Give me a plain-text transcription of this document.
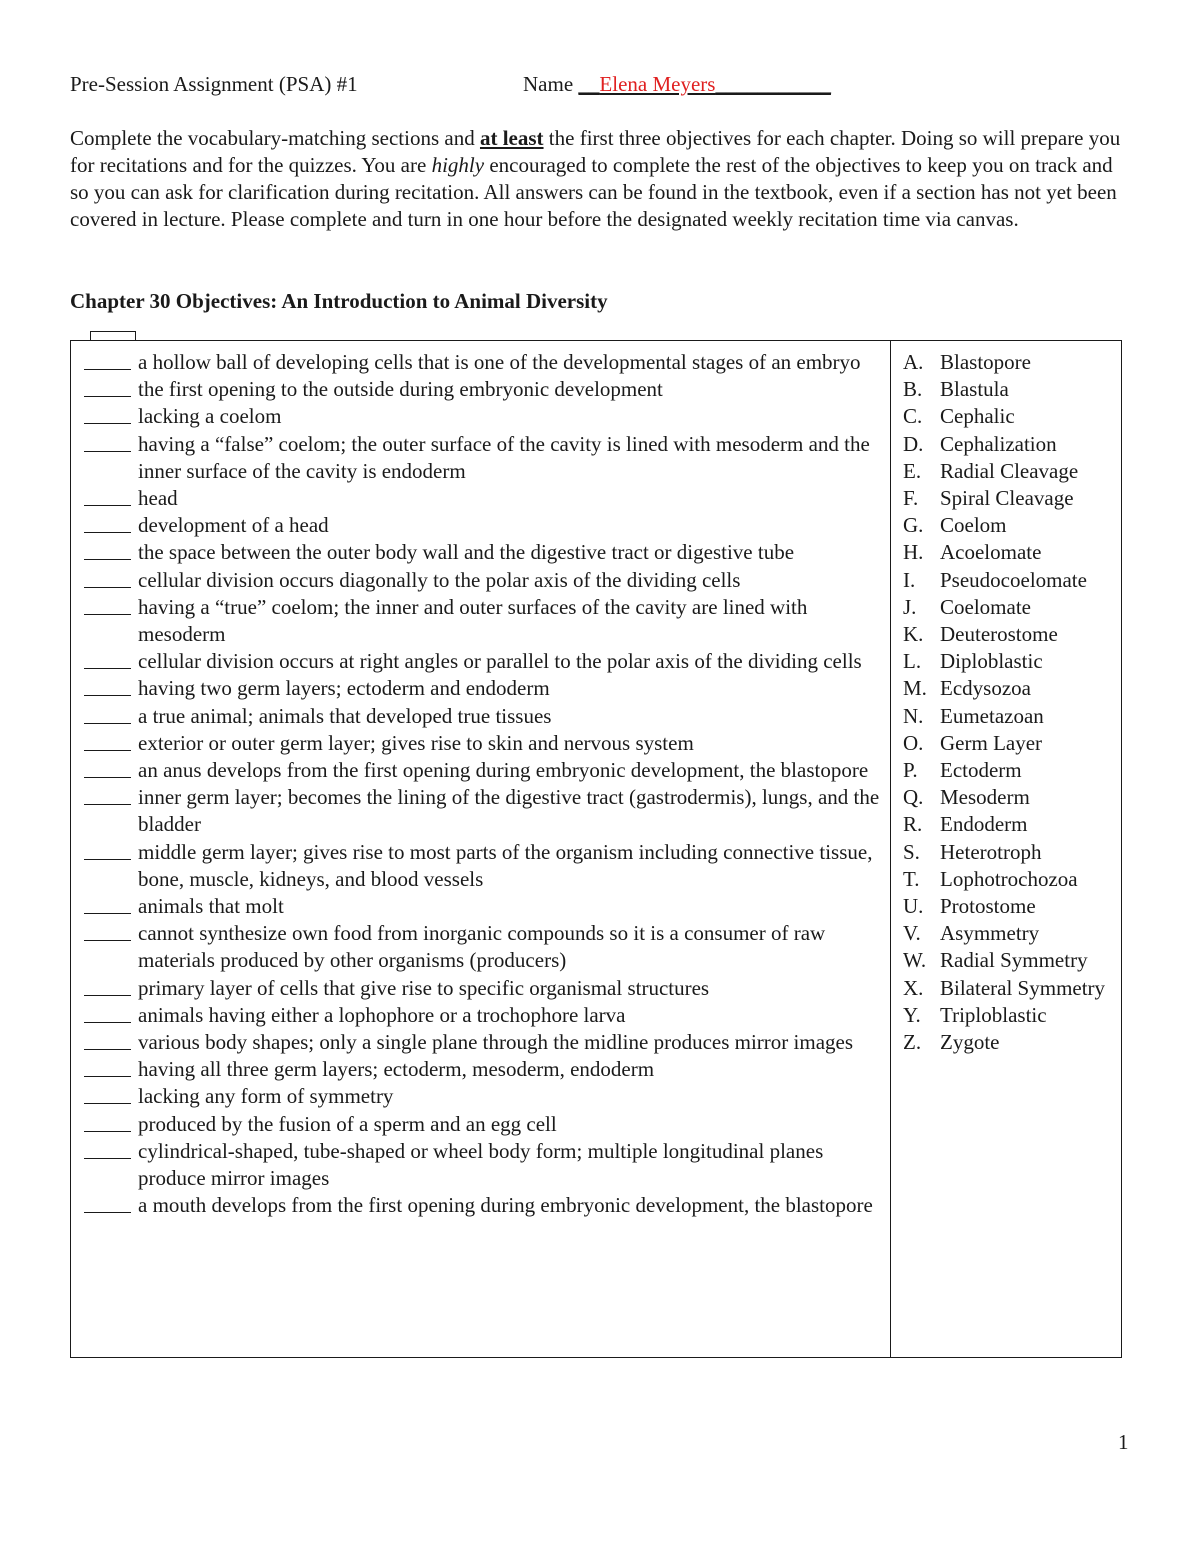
Pre-Session Assignment (PSA) #1	Name __Elena Meyers___________
Complete the vocabulary-matching sections and at least the first three objectives for each chapter. Doing so will prepare you for recitations and for the quizzes. You are highly encouraged to complete the rest of the objectives to keep you on track and so you can ask for clarification during recitation. All answers can be found in the textbook, even if a section has not yet been covered in lecture. Please complete and turn in one hour before the designated weekly recitation time via canvas.
Chapter 30 Objectives: An Introduction to Animal Diversity
a hollow ball of developing cells that is one of the developmental stages of an embryo
the first opening to the outside during embryonic development
lacking a coelom
having a “false” coelom; the outer surface of the cavity is lined with mesoderm and the inner surface of the cavity is endoderm
head
development of a head
the space between the outer body wall and the digestive tract or digestive tube
cellular division occurs diagonally to the polar axis of the dividing cells
having a “true” coelom; the inner and outer surfaces of the cavity are lined with mesoderm
cellular division occurs at right angles or parallel to the polar axis of the dividing cells
having two germ layers; ectoderm and endoderm
a true animal; animals that developed true tissues
exterior or outer germ layer; gives rise to skin and nervous system
an anus develops from the first opening during embryonic development, the blastopore
inner germ layer; becomes the lining of the digestive tract (gastrodermis), lungs, and the bladder
middle germ layer; gives rise to most parts of the organism including connective tissue, bone, muscle, kidneys, and blood vessels
animals that molt
cannot synthesize own food from inorganic compounds so it is a consumer of raw materials produced by other organisms (producers)
primary layer of cells that give rise to specific organismal structures
animals having either a lophophore or a trochophore larva
various body shapes; only a single plane through the midline produces mirror images
having all three germ layers; ectoderm, mesoderm, endoderm
lacking any form of symmetry
produced by the fusion of a sperm and an egg cell
cylindrical-shaped, tube-shaped or wheel body form; multiple longitudinal planes produce mirror images
a mouth develops from the first opening during embryonic development, the blastopore
A. Blastopore
B. Blastula
C. Cephalic
D. Cephalization
E. Radial Cleavage
F.	Spiral Cleavage
G. Coelom
H. Acoelomate
I.	Pseudocoelomate
J.	Coelomate
K. Deuterostome
L. Diploblastic
M. Ecdysozoa
N. Eumetazoan
O. Germ Layer
P.	Ectoderm
Q. Mesoderm
R. Endoderm
S. Heterotroph
T. Lophotrochozoa
U. Protostome
V. Asymmetry
W. Radial Symmetry
X. Bilateral Symmetry
Y. Triploblastic
Z. Zygote
1
